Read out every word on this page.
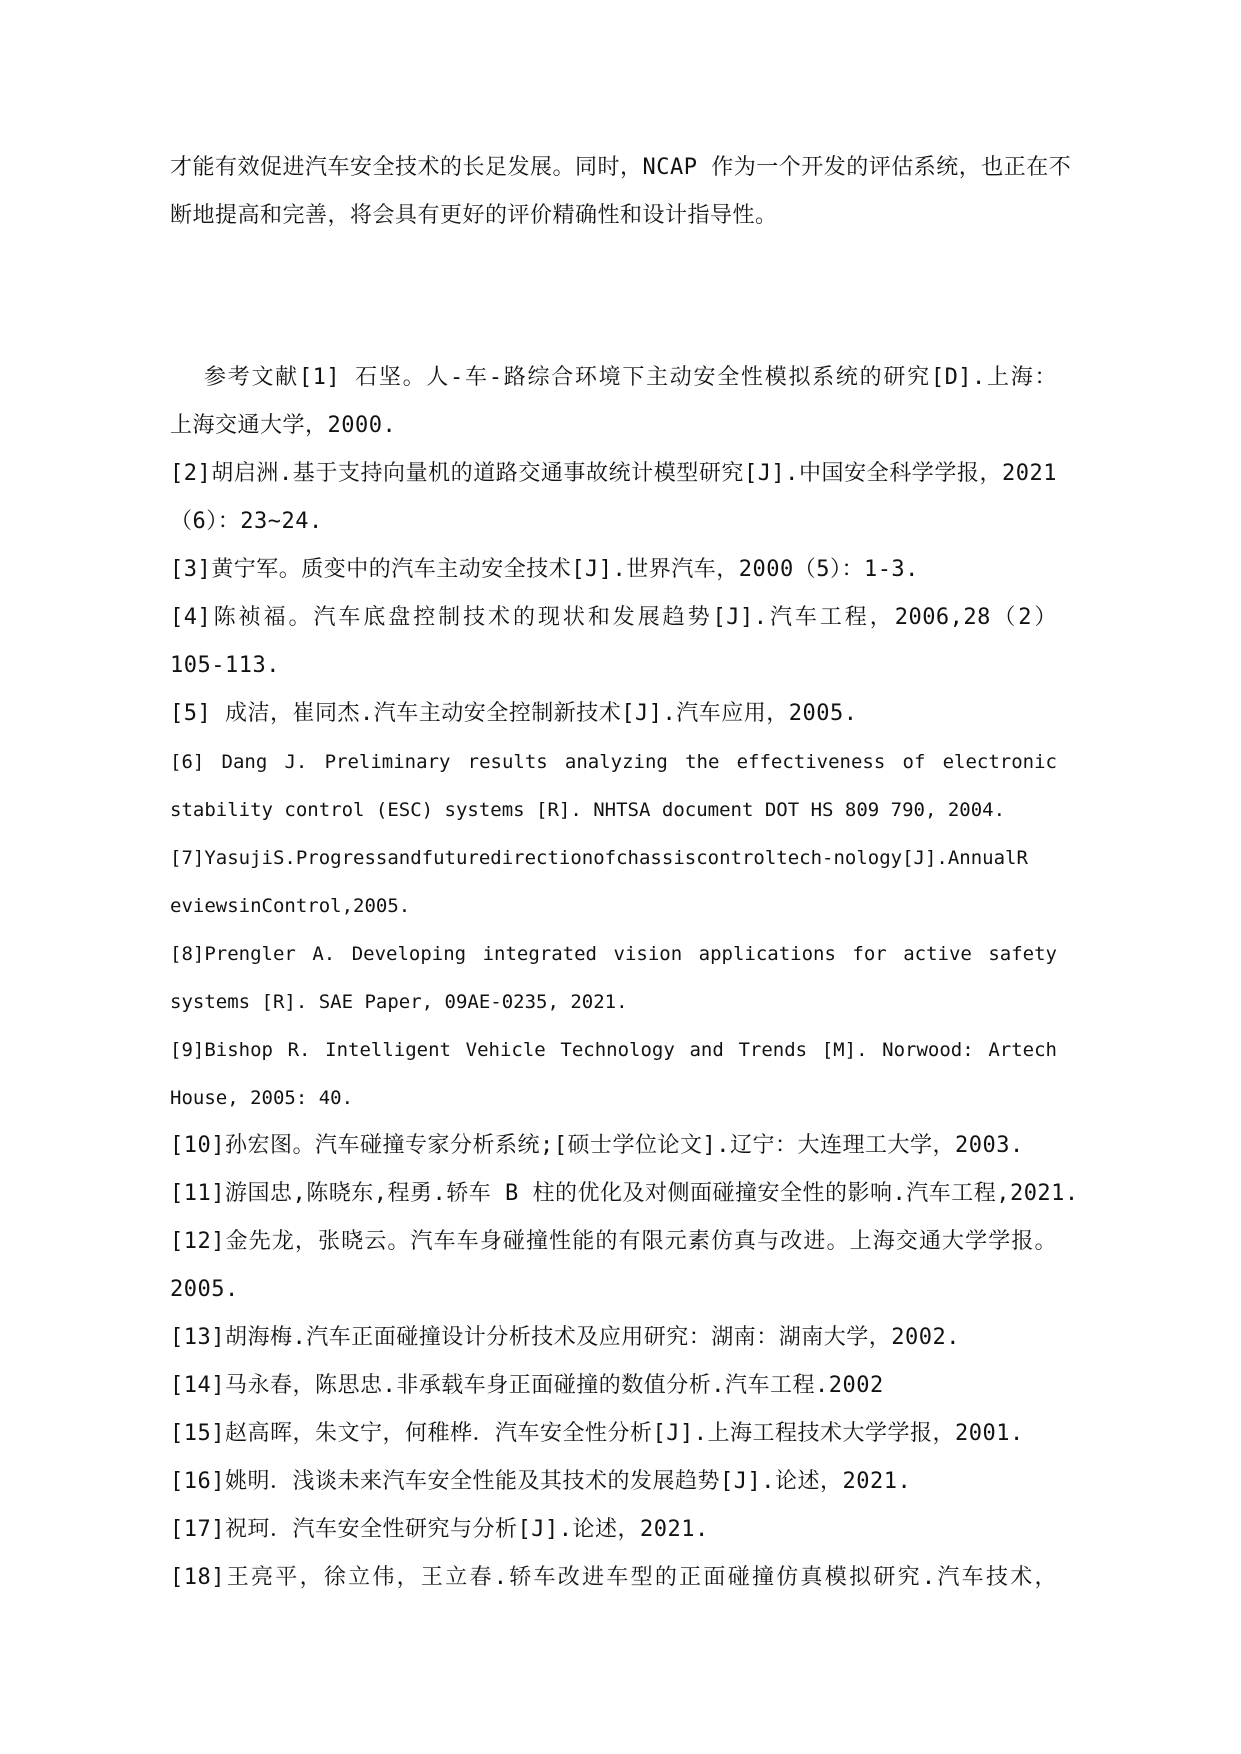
才能有效促进汽车安全技术的长足发展。同时，NCAP 作为一个开发的评估系统，也正在不
断地提高和完善，将会具有更好的评价精确性和设计指导性。
参考文献[1] 石坚。人-车-路综合环境下主动安全性模拟系统的研究[D].上海：
上海交通大学，2000.
[2]胡启洲.基于支持向量机的道路交通事故统计模型研究[J].中国安全科学学报，2021
（6）：23~24.
[3]黄宁军。质变中的汽车主动安全技术[J].世界汽车，2000（5）：1-3.
[4]陈祯福。汽车底盘控制技术的现状和发展趋势[J].汽车工程，2006,28（2）
105-113.
[5] 成洁，崔同杰.汽车主动安全控制新技术[J].汽车应用，2005.
[6] Dang J. Preliminary results analyzing the effectiveness of electronic
stability control (ESC) systems [R]. NHTSA document DOT HS 809 790, 2004.
[7]YasujiS.Progressandfuturedirectionofchassiscontroltech-nology[J].AnnualR
eviewsinControl,2005.
[8]Prengler A. Developing integrated vision applications for active safety
systems [R]. SAE Paper, 09AE-0235, 2021.
[9]Bishop R. Intelligent Vehicle Technology and Trends [M]. Norwood: Artech
House, 2005: 40.
[10]孙宏图。汽车碰撞专家分析系统;[硕士学位论文].辽宁：大连理工大学，2003.
[11]游国忠,陈晓东,程勇.轿车 B 柱的优化及对侧面碰撞安全性的影响.汽车工程,2021.
[12]金先龙，张晓云。汽车车身碰撞性能的有限元素仿真与改进。上海交通大学学报。
2005.
[13]胡海梅.汽车正面碰撞设计分析技术及应用研究：湖南：湖南大学，2002.
[14]马永春，陈思忠.非承载车身正面碰撞的数值分析.汽车工程.2002
[15]赵高晖，朱文宁，何稚桦．汽车安全性分析[J].上海工程技术大学学报，2001.
[16]姚明．浅谈未来汽车安全性能及其技术的发展趋势[J].论述，2021.
[17]祝珂．汽车安全性研究与分析[J].论述，2021.
[18]王亮平，徐立伟，王立春.轿车改进车型的正面碰撞仿真模拟研究.汽车技术，
